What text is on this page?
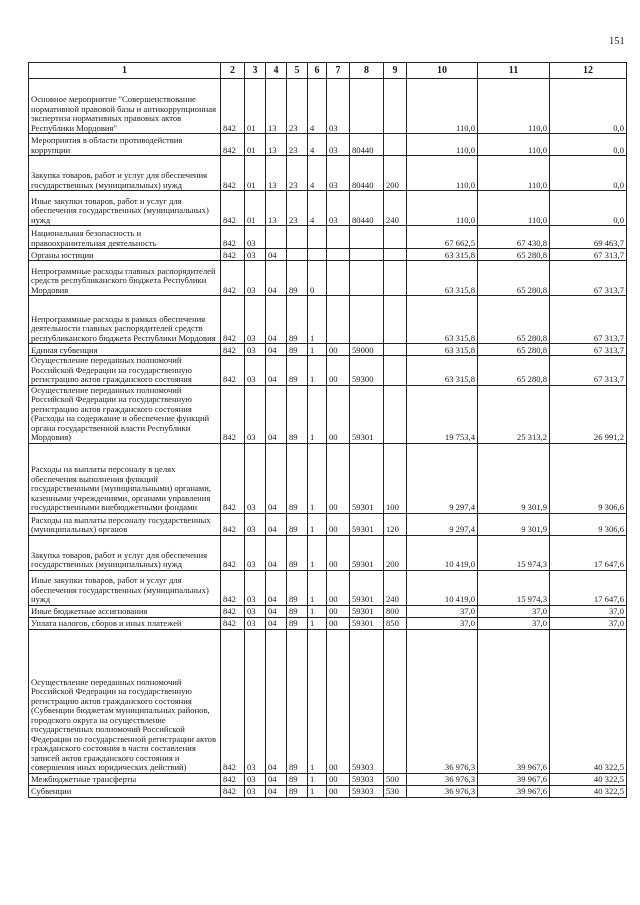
151
1	2	3	4	5	6	7	8	9	10	11	12
Основное мероприятие "Совершенствование нормативной правовой базы и антикоррупционная экспертиза нормативных правовых актов Республики Мордовия"	842	01	13	23	4	03			110,0	110,0	0,0
Мероприятия в области противодействия коррупции	842	01	13	23	4	03	80440		110,0	110,0	0,0
Закупка товаров, работ и услуг для обеспечения государственных (муниципальных) нужд	842	01	13	23	4	03	80440	200	110,0	110,0	0,0
Иные закупки товаров, работ и услуг для обеспечения государственных (муниципальных) нужд	842	01	13	23	4	03	80440	240	110,0	110,0	0,0
Национальная безопасность и правоохранительная деятельность	842	03							67 662,5	67 430,8	69 463,7
Органы юстиции	842	03	04						63 315,8	65 280,8	67 313,7
Непрограммные расходы главных распорядителей средств республиканского бюджета Республики Мордовия	842	03	04	89	0				63 315,8	65 280,8	67 313,7
Непрограммные расходы в рамках обеспечения деятельности главных распорядителей средств республиканского бюджета Республики Мордовия	842	03	04	89	1				63 315,8	65 280,8	67 313,7
Единая субвенция	842	03	04	89	1	00	59000		63 315,8	65 280,8	67 313,7
Осуществление переданных полномочий Российской Федерации на государственную регистрацию актов гражданского состояния	842	03	04	89	1	00	59300		63 315,8	65 280,8	67 313,7
Осуществление переданных полномочий Российской Федерации на государственную регистрацию актов гражданского состояния (Расходы на содержание и обеспечение функций органа государственной власти Республики Мордовия)	842	03	04	89	1	00	59301		19 753,4	25 313,2	26 991,2
Расходы на выплаты персоналу в целях обеспечения выполнения функций государственными (муниципальными) органами, казенными учреждениями, органами управления государственными внебюджетными фондами	842	03	04	89	1	00	59301	100	9 297,4	9 301,9	9 306,6
Расходы на выплаты персоналу государственных (муниципальных) органов	842	03	04	89	1	00	59301	120	9 297,4	9 301,9	9 306,6
Закупка товаров, работ и услуг для обеспечения государственных (муниципальных) нужд	842	03	04	89	1	00	59301	200	10 419,0	15 974,3	17 647,6
Иные закупки товаров, работ и услуг для обеспечения государственных (муниципальных) нужд	842	03	04	89	1	00	59301	240	10 419,0	15 974,3	17 647,6
Иные бюджетные ассигнования	842	03	04	89	1	00	59301	800	37,0	37,0	37,0
Уплата налогов, сборов и иных платежей	842	03	04	89	1	00	59301	850	37,0	37,0	37,0
Осуществление переданных полномочий Российской Федерации на государственную регистрацию актов гражданского состояния (Субвенции бюджетам муниципальных районов, городского округа на осуществление государственных полномочий Российской Федерации по государственной регистрации актов гражданского состояния в части составления записей актов гражданского состояния и совершения иных юридических действий)	842	03	04	89	1	00	59303		36 976,3	39 967,6	40 322,5
Межбюджетные трансферты	842	03	04	89	1	00	59303	500	36 976,3	39 967,6	40 322,5
Субвенции	842	03	04	89	1	00	59303	530	36 976,3	39 967,6	40 322,5
